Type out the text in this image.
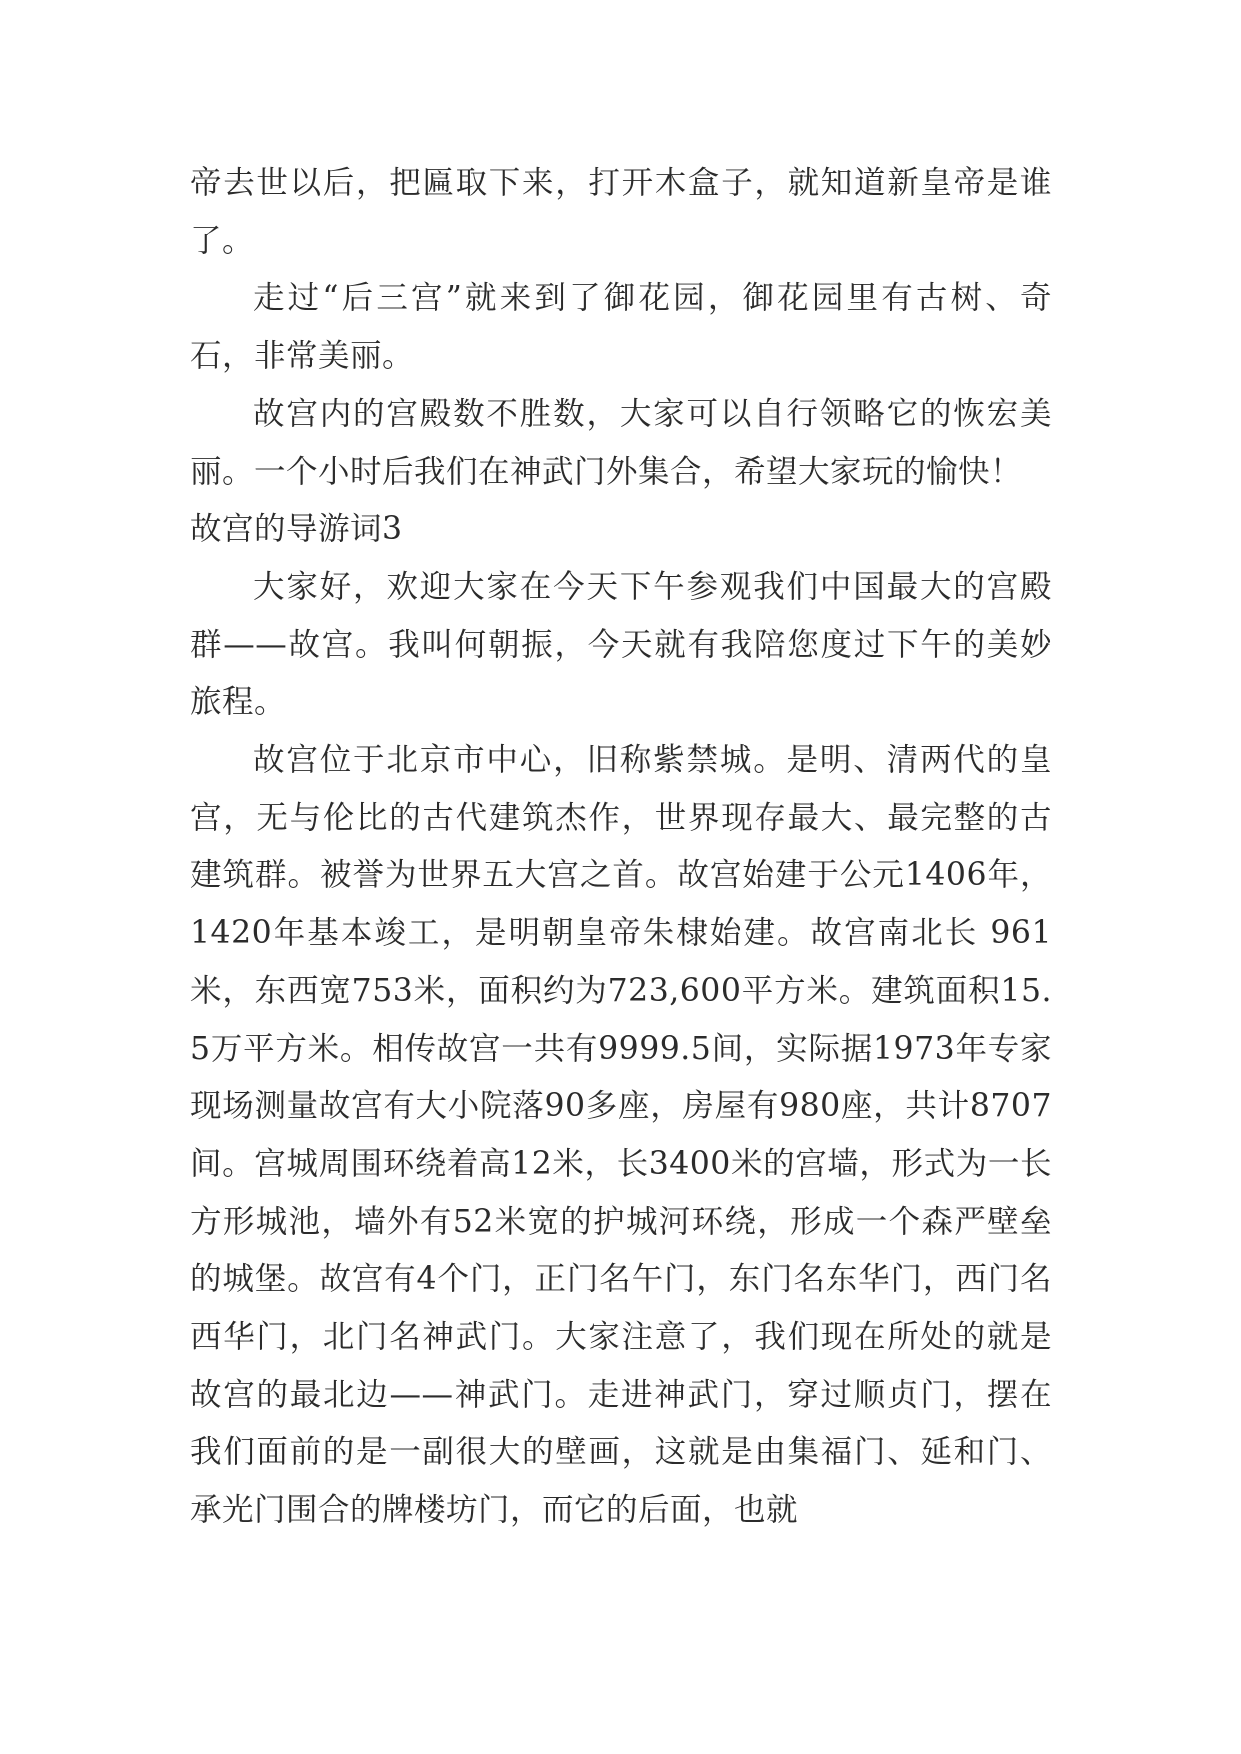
帝去世以后，把匾取下来，打开木盒子，就知道新皇帝是谁了。

走过“后三宫”就来到了御花园，御花园里有古树、奇石，非常美丽。

故宫内的宫殿数不胜数，大家可以自行领略它的恢宏美丽。一个小时后我们在神武门外集合，希望大家玩的愉快！

故宫的导游词3

大家好，欢迎大家在今天下午参观我们中国最大的宫殿群——故宫。我叫何朝振，今天就有我陪您度过下午的美妙旅程。

故宫位于北京市中心，旧称紫禁城。是明、清两代的皇宫，无与伦比的古代建筑杰作，世界现存最大、最完整的古建筑群。被誉为世界五大宫之首。故宫始建于公元1406年，1420年基本竣工，是明朝皇帝朱棣始建。故宫南北长 961米，东西宽753米，面积约为723,600平方米。建筑面积15.5万平方米。相传故宫一共有9999.5间，实际据1973年专家现场测量故宫有大小院落90多座，房屋有980座，共计8707间。宫城周围环绕着高12米，长3400米的宫墙，形式为一长方形城池，墙外有52米宽的护城河环绕，形成一个森严壁垒的城堡。故宫有4个门，正门名午门，东门名东华门，西门名西华门，北门名神武门。大家注意了，我们现在所处的就是故宫的最北边——神武门。走进神武门，穿过顺贞门，摆在我们面前的是一副很大的壁画，这就是由集福门、延和门、承光门围合的牌楼坊门，而它的后面，也就
